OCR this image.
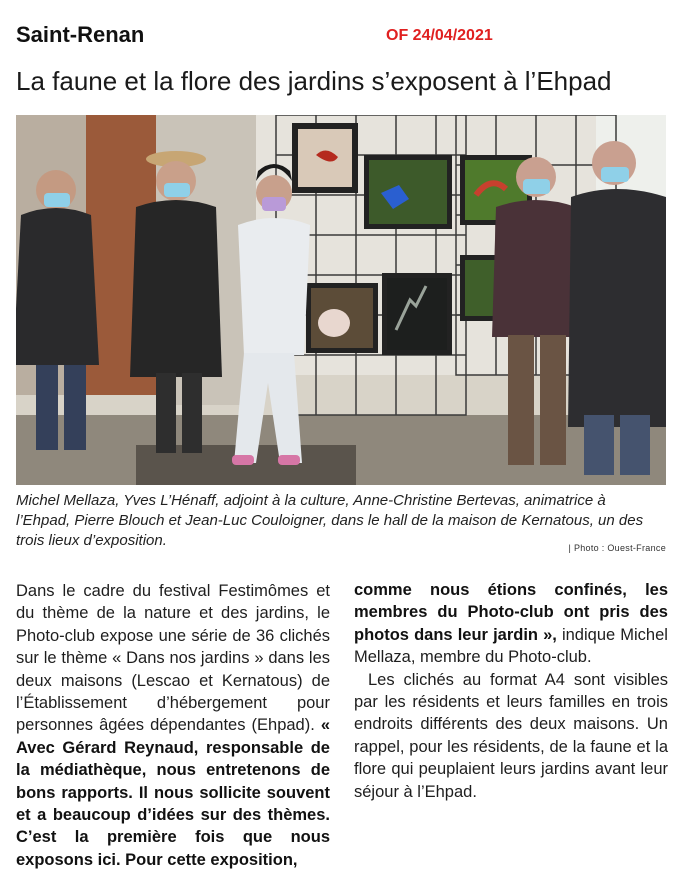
Saint-Renan	OF 24/04/2021
La faune et la flore des jardins s’exposent à l’Ehpad
Michel Mellaza, Yves L’Hénaff, adjoint à la culture, Anne-Christine Bertevas, animatrice à l’Ehpad, Pierre Blouch et Jean-Luc Couloigner, dans le hall de la maison de Kernatous, un des trois lieux d’exposition.	| Photo : Ouest-France

Dans le cadre du festival Festimômes et du thème de la nature et des jardins, le Photo-club expose une série de 36 clichés sur le thème « Dans nos jardins » dans les deux maisons (Lescao et Kernatous) de l’Établissement d’hébergement pour personnes âgées dépendantes (Ehpad). « Avec Gérard Reynaud, responsable de la médiathèque, nous entretenons de bons rapports. Il nous sollicite souvent et a beaucoup d’idées sur des thèmes. C’est la première fois que nous exposons ici. Pour cette exposition,

comme nous étions confinés, les membres du Photo-club ont pris des photos dans leur jardin », indique Michel Mellaza, membre du Photo-club.

Les clichés au format A4 sont visibles par les résidents et leurs familles en trois endroits différents des deux maisons. Un rappel, pour les résidents, de la faune et la flore qui peuplaient leurs jardins avant leur séjour à l’Ehpad.
